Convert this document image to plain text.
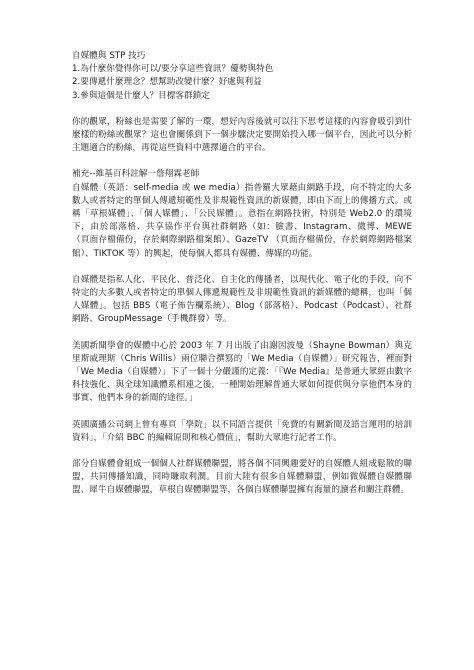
自媒體與 STP 技巧

1.為什麼你覺得你可以/要分享這些資訊？優勢與特色

2.要傳遞什麼理念？想幫助改變什麼？好處與利益

3.參與這個是什麼人？目標客群鎖定

你的觀眾，粉絲也是需要了解的一環，想好內容後就可以往下思考這樣的內容會吸引到什麼樣的粉絲或觀眾？這也會關係到下一個步驟決定要開始投入哪一個平台，因此可以分析主題適合的粉絲，再從這些資料中選擇適合的平台。

補充--維基百科註解一詹翔霖老師

自媒體（英語：self-media 或 we media）指普羅大眾藉由網路手段，向不特定的大多數人或者特定的單個人傳遞規範性及非規範性資訊的新媒體，即由下而上的傳播方式。或稱「草根媒體」、「個人媒體」、「公民媒體」。意指在網路技術，特別是 Web2.0 的環境下，由於部落格、共享協作平台與社群網路（如：臉書、Instagram、微博、MEWE （頁面存檔備份，存於網際網路檔案館）、GazeTV （頁面存檔備份，存於網際網路檔案館）、TIKTOK 等）的興起，使每個人都具有媒體、傳媒的功能。

自媒體是指私人化、平民化、普泛化、自主化的傳播者，以現代化、電子化的手段，向不特定的大多數人或者特定的單個人傳遞規範性及非規範性資訊的新媒體的總稱，也叫「個人媒體」。包括 BBS（電子佈告欄系統）、Blog（部落格）、Podcast（Podcast）、社群網路、GroupMessage（手機群發）等。

美國新聞學會的媒體中心於 2003 年 7 月出版了由謝因波曼（Shayne Bowman）與克里斯威理斯（Chris Willis）兩位聯合撰寫的「We Media（自媒體）」研究報告，裡面對「We Media（自媒體）」下了一個十分嚴謹的定義：「『We Media』是普通大眾經由數字科技強化、與全球知識體系相連之後，一種開始理解普通大眾如何提供與分享他們本身的事實、他們本身的新聞的途徑。」

英國廣播公司網上曾有專頁「學院」以不同語言提供「免費的有關新聞及語言運用的培訓資料」，「介紹 BBC 的編輯原則和核心價值」，幫助大眾進行記者工作。

部分自媒體會組成一個個人社群媒體聯盟，將各個不同興趣愛好的自媒體人組成鬆散的聯盟，共同傳播知識，同時賺取利潤。目前大陸有很多自媒體聯盟，例如微媒體自媒體聯盟、犀牛自媒體聯盟，草根自媒體聯盟等，各個自媒體聯盟擁有海量的讀者和關注群體。
